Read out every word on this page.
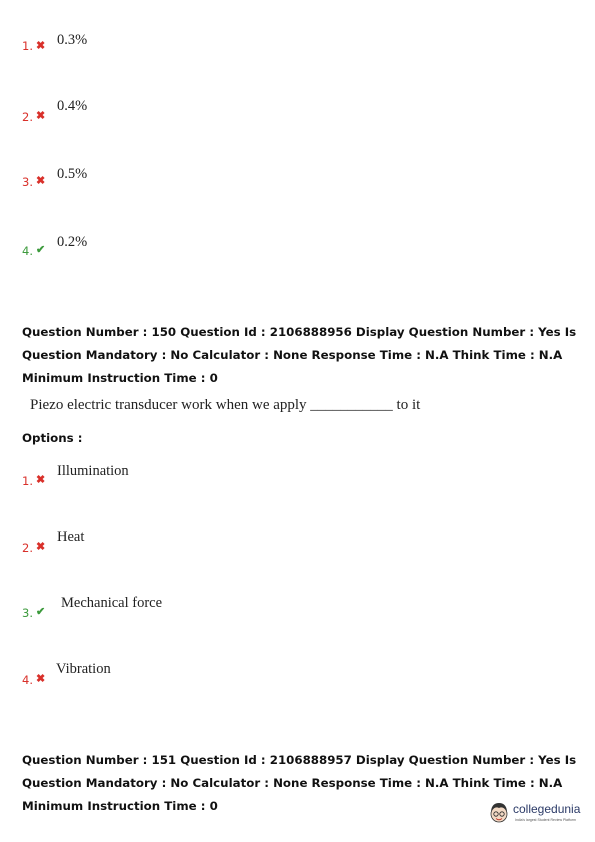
1. ✖ 0.3%
2. ✖
0.4%
3. ✖ 0.5%
4. ✔ 0.2%
Question Number : 150 Question Id : 2106888956 Display Question Number : Yes Is Question Mandatory : No Calculator : None Response Time : N.A Think Time : N.A Minimum Instruction Time : 0
Piezo electric transducer work when we apply ___________ to it
Options :
1. ✖
Illumination
2. ✖
Heat
3. ✔
Mechanical force
4. ✖
Vibration
Question Number : 151 Question Id : 2106888957 Display Question Number : Yes Is Question Mandatory : No Calculator : None Response Time : N.A Think Time : N.A Minimum Instruction Time : 0	collegedunia
India's largest Student Review Platform
